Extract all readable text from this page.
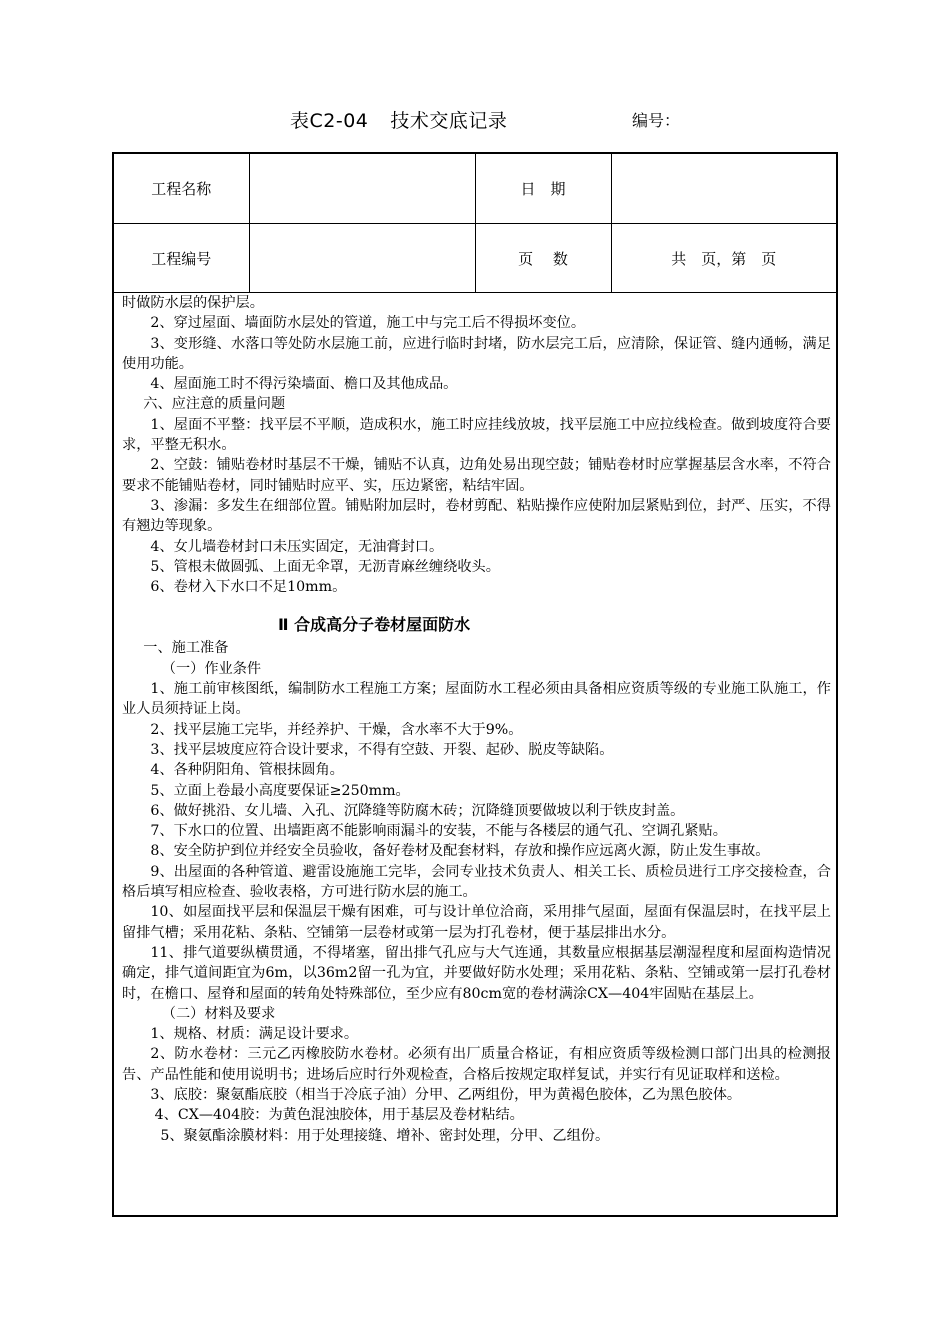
表C2-04 技术交底记录	编号：
工程名称		日　期	
工程编号		页　 数	共　页，第　页

时做防水层的保护层。

2、穿过屋面、墙面防水层处的管道，施工中与完工后不得损坏变位。

3、变形缝、水落口等处防水层施工前，应进行临时封堵，防水层完工后，应清除，保证管、缝内通畅，满足使用功能。

4、屋面施工时不得污染墙面、檐口及其他成品。

六、应注意的质量问题

1、屋面不平整：找平层不平顺，造成积水，施工时应挂线放坡，找平层施工中应拉线检查。做到坡度符合要求，平整无积水。

2、空鼓：铺贴卷材时基层不干燥，铺贴不认真，边角处易出现空鼓；铺贴卷材时应掌握基层含水率，不符合要求不能铺贴卷材，同时铺贴时应平、实，压边紧密，粘结牢固。

3、渗漏：多发生在细部位置。铺贴附加层时，卷材剪配、粘贴操作应使附加层紧贴到位，封严、压实，不得有翘边等现象。

4、女儿墙卷材封口未压实固定，无油膏封口。

5、管根未做圆弧、上面无伞罩，无沥青麻丝缠绕收头。

6、卷材入下水口不足10mm。

Ⅱ 合成高分子卷材屋面防水

一、施工准备

（一）作业条件

1、施工前审核图纸，编制防水工程施工方案；屋面防水工程必须由具备相应资质等级的专业施工队施工，作业人员须持证上岗。

2、找平层施工完毕，并经养护、干燥，含水率不大于9%。

3、找平层坡度应符合设计要求，不得有空鼓、开裂、起砂、脱皮等缺陷。

4、各种阴阳角、管根抹圆角。

5、立面上卷最小高度要保证≥250mm。

6、做好挑沿、女儿墙、入孔、沉降缝等防腐木砖；沉降缝顶要做坡以利于铁皮封盖。

7、下水口的位置、出墙距离不能影响雨漏斗的安装，不能与各楼层的通气孔、空调孔紧贴。

8、安全防护到位并经安全员验收，备好卷材及配套材料，存放和操作应远离火源，防止发生事故。

9、出屋面的各种管道、避雷设施施工完毕，会同专业技术负责人、相关工长、质检员进行工序交接检查，合格后填写相应检查、验收表格，方可进行防水层的施工。

10、如屋面找平层和保温层干燥有困难，可与设计单位洽商，采用排气屋面，屋面有保温层时，在找平层上留排气槽；采用花粘、条粘、空铺第一层卷材或第一层为打孔卷材，便于基层排出水分。

11、排气道要纵横贯通，不得堵塞，留出排气孔应与大气连通，其数量应根据基层潮湿程度和屋面构造情况确定，排气道间距宜为6m，以36m2留一孔为宜，并要做好防水处理；采用花粘、条粘、空铺或第一层打孔卷材时，在檐口、屋脊和屋面的转角处特殊部位，至少应有80cm宽的卷材满涂CX—404牢固贴在基层上。

（二）材料及要求

1、规格、材质：满足设计要求。

2、防水卷材：三元乙丙橡胶防水卷材。必须有出厂质量合格证，有相应资质等级检测口部门出具的检测报告、产品性能和使用说明书；进场后应时行外观检查，合格后按规定取样复试，并实行有见证取样和送检。

3、底胶：聚氨酯底胶（相当于冷底子油）分甲、乙两组份，甲为黄褐色胶体，乙为黑色胶体。

4、CX—404胶：为黄色混浊胶体，用于基层及卷材粘结。

5、聚氨酯涂膜材料：用于处理接缝、增补、密封处理，分甲、乙组份。
